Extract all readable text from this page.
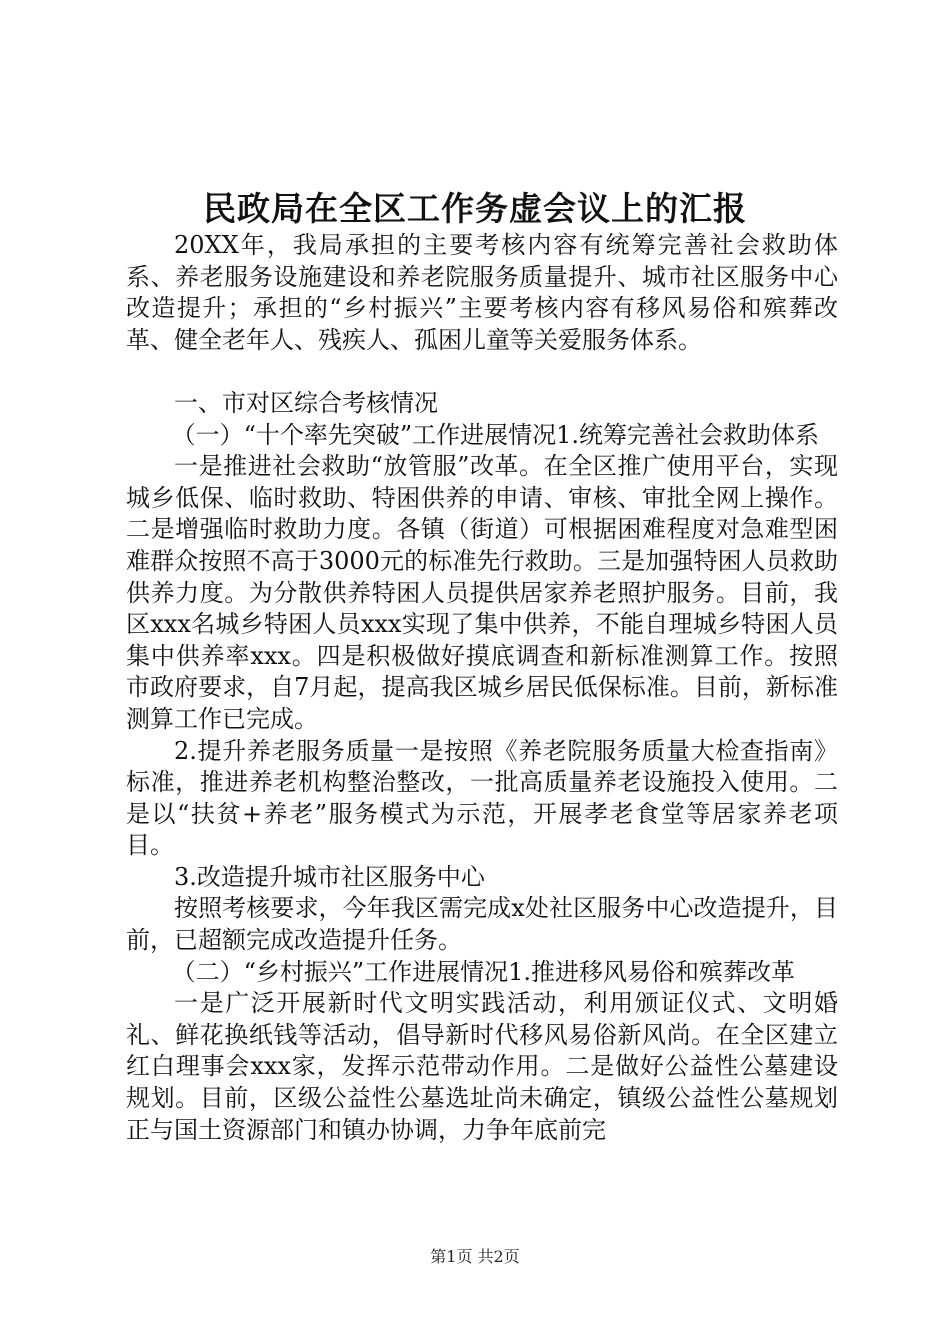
民政局在全区工作务虚会议上的汇报

20XX年，我局承担的主要考核内容有统筹完善社会救助体系、养老服务设施建设和养老院服务质量提升、城市社区服务中心改造提升；承担的“乡村振兴”主要考核内容有移风易俗和殡葬改革、健全老年人、残疾人、孤困儿童等关爱服务体系。

一、市对区综合考核情况

（一）“十个率先突破”工作进展情况1.统筹完善社会救助体系

一是推进社会救助“放管服”改革。在全区推广使用平台，实现城乡低保、临时救助、特困供养的申请、审核、审批全网上操作。二是增强临时救助力度。各镇（街道）可根据困难程度对急难型困难群众按照不高于3000元的标准先行救助。三是加强特困人员救助供养力度。为分散供养特困人员提供居家养老照护服务。目前，我区xxx名城乡特困人员xxx实现了集中供养，不能自理城乡特困人员集中供养率xxx。四是积极做好摸底调查和新标准测算工作。按照市政府要求，自7月起，提高我区城乡居民低保标准。目前，新标准测算工作已完成。

2.提升养老服务质量一是按照《养老院服务质量大检查指南》标准，推进养老机构整治整改，一批高质量养老设施投入使用。二是以“扶贫+养老”服务模式为示范，开展孝老食堂等居家养老项目。

3.改造提升城市社区服务中心

按照考核要求，今年我区需完成x处社区服务中心改造提升，目前，已超额完成改造提升任务。

（二）“乡村振兴”工作进展情况1.推进移风易俗和殡葬改革

一是广泛开展新时代文明实践活动，利用颁证仪式、文明婚礼、鲜花换纸钱等活动，倡导新时代移风易俗新风尚。在全区建立红白理事会xxx家，发挥示范带动作用。二是做好公益性公墓建设规划。目前，区级公益性公墓选址尚未确定，镇级公益性公墓规划正与国土资源部门和镇办协调，力争年底前完

第1页 共2页
